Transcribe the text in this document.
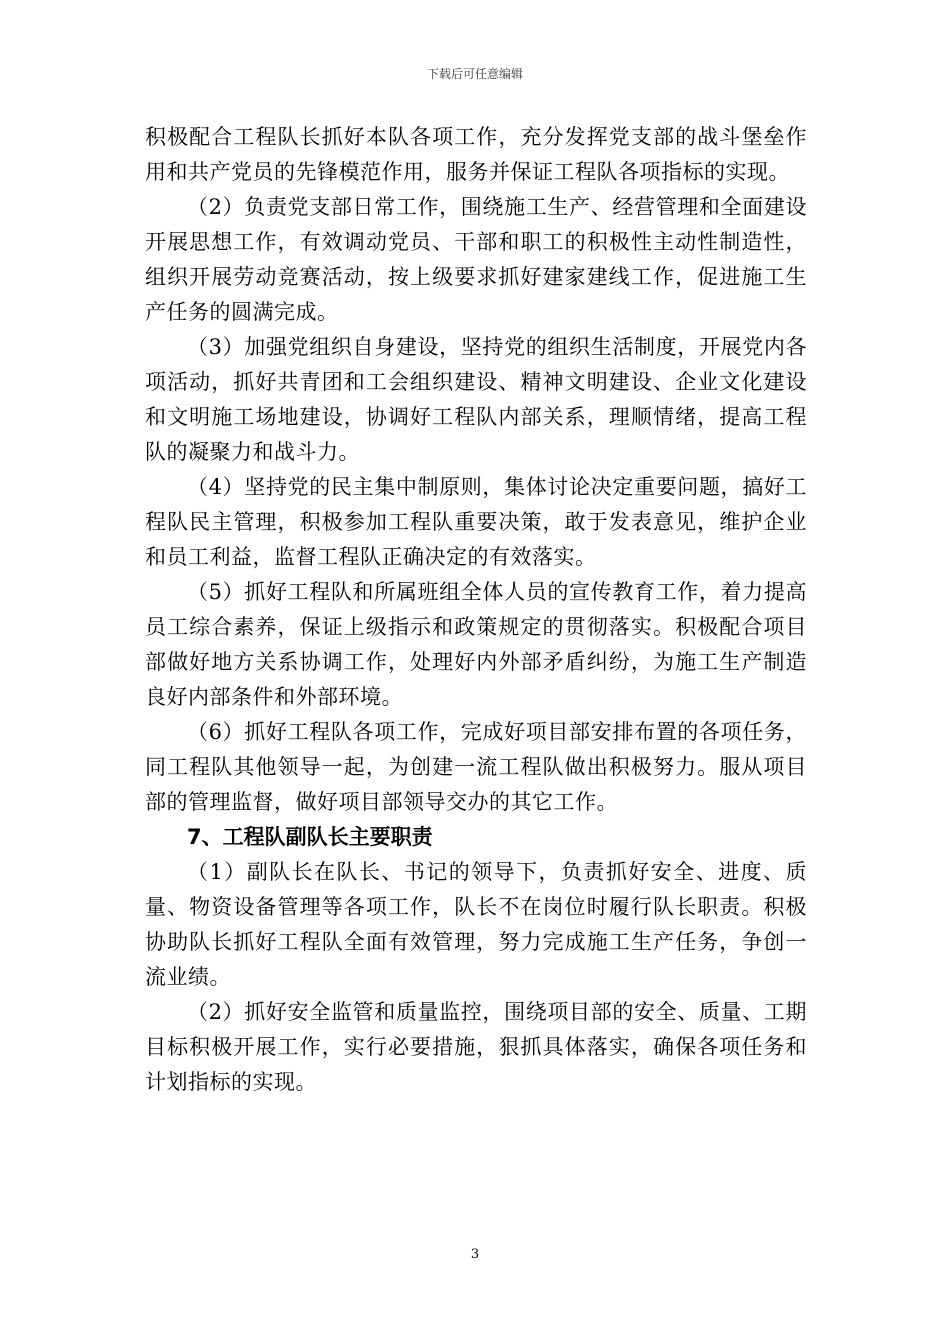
下载后可任意编辑

积极配合工程队长抓好本队各项工作，充分发挥党支部的战斗堡垒作用和共产党员的先锋模范作用，服务并保证工程队各项指标的实现。

（2）负责党支部日常工作，围绕施工生产、经营管理和全面建设开展思想工作，有效调动党员、干部和职工的积极性主动性制造性，组织开展劳动竞赛活动，按上级要求抓好建家建线工作，促进施工生产任务的圆满完成。

（3）加强党组织自身建设，坚持党的组织生活制度，开展党内各项活动，抓好共青团和工会组织建设、精神文明建设、企业文化建设和文明施工场地建设，协调好工程队内部关系，理顺情绪，提高工程队的凝聚力和战斗力。

（4）坚持党的民主集中制原则，集体讨论决定重要问题，搞好工程队民主管理，积极参加工程队重要决策，敢于发表意见，维护企业和员工利益，监督工程队正确决定的有效落实。

（5）抓好工程队和所属班组全体人员的宣传教育工作，着力提高员工综合素养，保证上级指示和政策规定的贯彻落实。积极配合项目部做好地方关系协调工作，处理好内外部矛盾纠纷，为施工生产制造良好内部条件和外部环境。

（6）抓好工程队各项工作，完成好项目部安排布置的各项任务，同工程队其他领导一起，为创建一流工程队做出积极努力。服从项目部的管理监督，做好项目部领导交办的其它工作。

7、工程队副队长主要职责

（1）副队长在队长、书记的领导下，负责抓好安全、进度、质量、物资设备管理等各项工作，队长不在岗位时履行队长职责。积极协助队长抓好工程队全面有效管理，努力完成施工生产任务，争创一流业绩。

（2）抓好安全监管和质量监控，围绕项目部的安全、质量、工期目标积极开展工作，实行必要措施，狠抓具体落实，确保各项任务和计划指标的实现。

3
